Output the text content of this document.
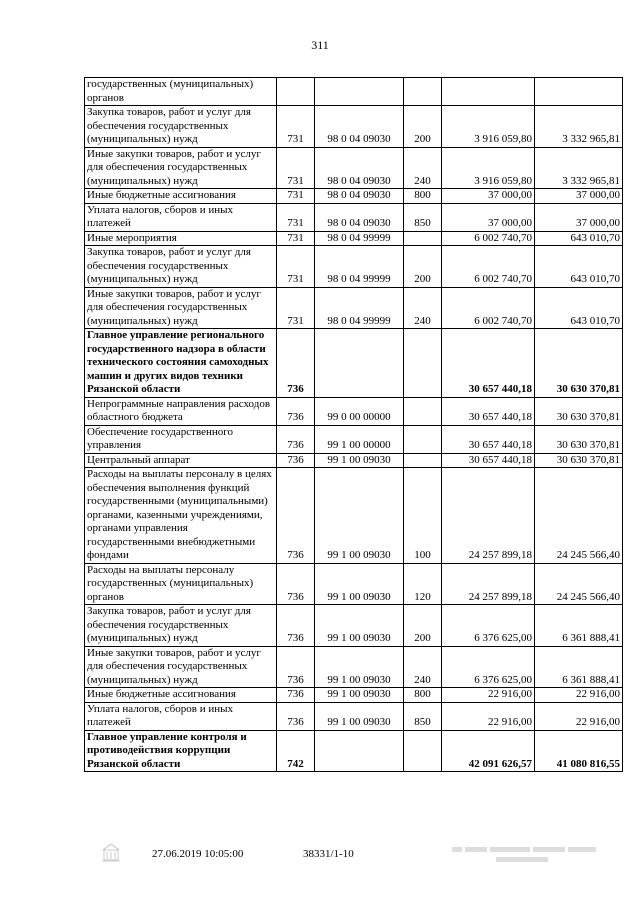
311
государственных (муниципальных) органов					
Закупка товаров, работ и услуг для обеспечения государственных (муниципальных) нужд	731	98 0 04 09030	200	3 916 059,80	3 332 965,81
Иные закупки товаров, работ и услуг для обеспечения государственных (муниципальных) нужд	731	98 0 04 09030	240	3 916 059,80	3 332 965,81
Иные бюджетные ассигнования	731	98 0 04 09030	800	37 000,00	37 000,00
Уплата налогов, сборов и иных платежей	731	98 0 04 09030	850	37 000,00	37 000,00
Иные мероприятия	731	98 0 04 99999		6 002 740,70	643 010,70
Закупка товаров, работ и услуг для обеспечения государственных (муниципальных) нужд	731	98 0 04 99999	200	6 002 740,70	643 010,70
Иные закупки товаров, работ и услуг для обеспечения государственных (муниципальных) нужд	731	98 0 04 99999	240	6 002 740,70	643 010,70
Главное управление регионального государственного надзора в области технического состояния самоходных машин и других видов техники Рязанской области	736			30 657 440,18	30 630 370,81
Непрограммные направления расходов областного бюджета	736	99 0 00 00000		30 657 440,18	30 630 370,81
Обеспечение государственного управления	736	99 1 00 00000		30 657 440,18	30 630 370,81
Центральный аппарат	736	99 1 00 09030		30 657 440,18	30 630 370,81
Расходы на выплаты персоналу в целях обеспечения выполнения функций государственными (муниципальными) органами, казенными учреждениями, органами управления государственными внебюджетными фондами	736	99 1 00 09030	100	24 257 899,18	24 245 566,40
Расходы на выплаты персоналу государственных (муниципальных) органов	736	99 1 00 09030	120	24 257 899,18	24 245 566,40
Закупка товаров, работ и услуг для обеспечения государственных (муниципальных) нужд	736	99 1 00 09030	200	6 376 625,00	6 361 888,41
Иные закупки товаров, работ и услуг для обеспечения государственных (муниципальных) нужд	736	99 1 00 09030	240	6 376 625,00	6 361 888,41
Иные бюджетные ассигнования	736	99 1 00 09030	800	22 916,00	22 916,00
Уплата налогов, сборов и иных платежей	736	99 1 00 09030	850	22 916,00	22 916,00
Главное управление контроля и противодействия коррупции Рязанской области	742			42 091 626,57	41 080 816,55
27.06.2019 10:05:00	38331/1-10
